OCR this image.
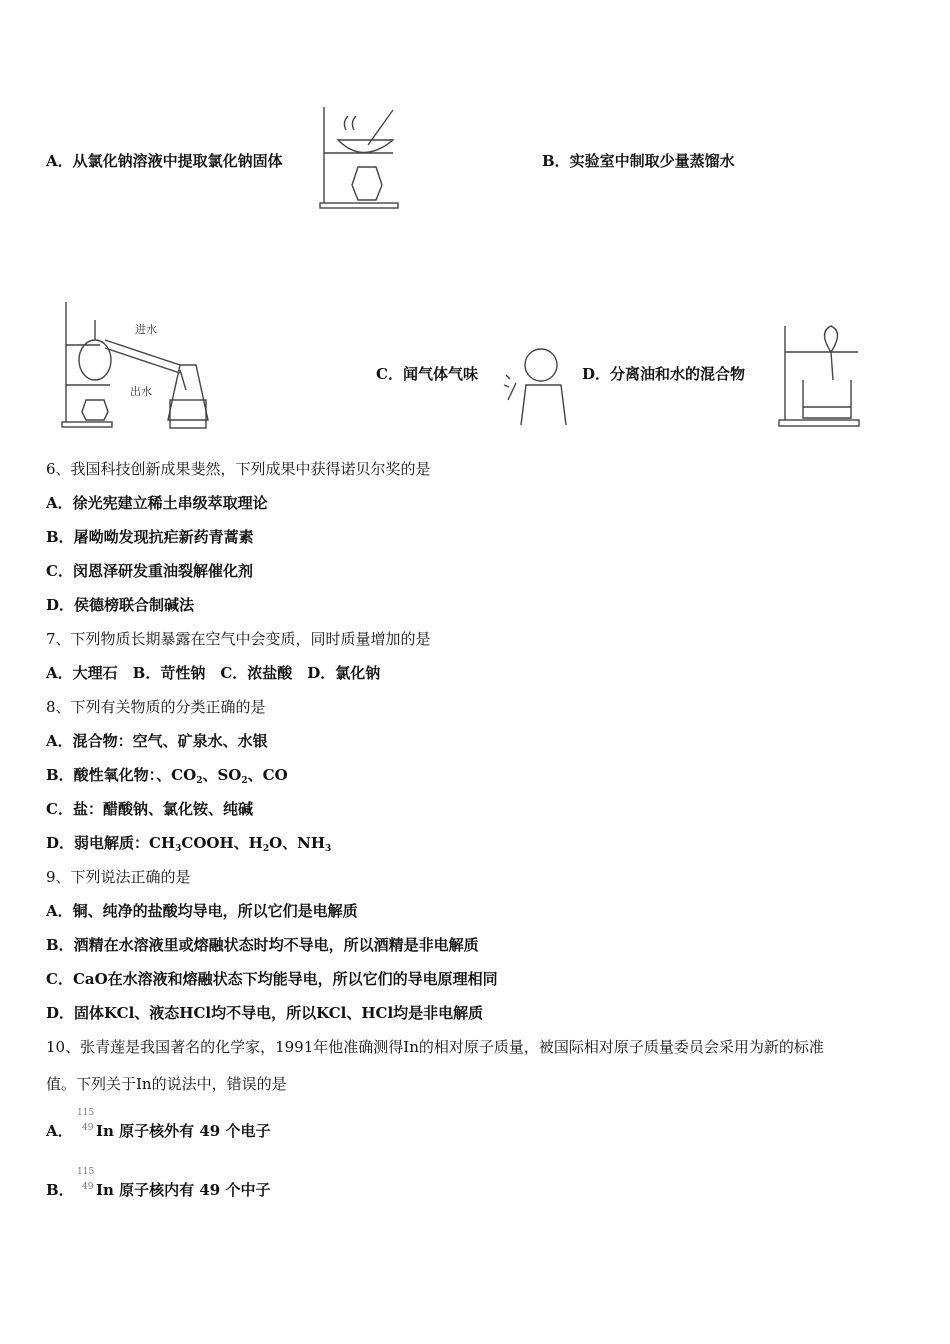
A．从氯化钠溶液中提取氯化钠固体	B．实验室中制取少量蒸馏水
进水
出水
C．闻气体气味	D．分离油和水的混合物
6、我国科技创新成果斐然，下列成果中获得诺贝尔奖的是
A．徐光宪建立稀土串级萃取理论
B．屠呦呦发现抗疟新药青蒿素
C．闵恩泽研发重油裂解催化剂
D．侯德榜联合制碱法
7、下列物质长期暴露在空气中会变质，同时质量增加的是
A．大理石　B．苛性钠　C．浓盐酸　D．氯化钠
8、下列有关物质的分类正确的是
A．混合物：空气、矿泉水、水银
B．酸性氧化物：、$CO_2$、$SO_2$、CO
C．盐：醋酸钠、氯化铵、纯碱
D．弱电解质：$CH_3COOH$、$H_2O$、$NH_3$
9、下列说法正确的是
A．铜、纯净的盐酸均导电，所以它们是电解质
B．酒精在水溶液里或熔融状态时均不导电，所以酒精是非电解质
C．CaO在水溶液和熔融状态下均能导电，所以它们的导电原理相同
D．固体KCl、液态HCl均不导电，所以KCl、HCl均是非电解质
10、张青莲是我国著名的化学家，1991年他准确测得In的相对原子质量，被国际相对原子质量委员会采用为新的标准
值。下列关于In的说法中，错误的是
A．
115
49 In 原子核外有 49 个电子
B．
115
49 In 原子核内有 49 个中子
